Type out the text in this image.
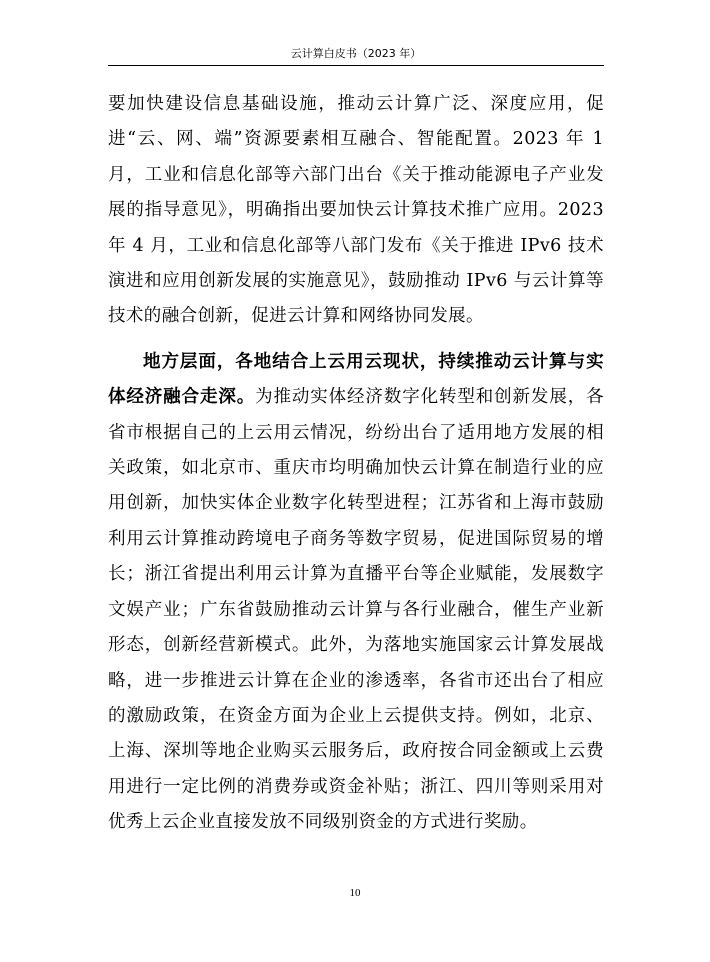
云计算白皮书（2023 年）

要加快建设信息基础设施，推动云计算广泛、深度应用，促进“云、网、端”资源要素相互融合、智能配置。2023 年 1 月，工业和信息化部等六部门出台《关于推动能源电子产业发展的指导意见》，明确指出要加快云计算技术推广应用。2023 年 4 月，工业和信息化部等八部门发布《关于推进 IPv6 技术演进和应用创新发展的实施意见》，鼓励推动 IPv6 与云计算等技术的融合创新，促进云计算和网络协同发展。

地方层面，各地结合上云用云现状，持续推动云计算与实体经济融合走深。为推动实体经济数字化转型和创新发展，各省市根据自己的上云用云情况，纷纷出台了适用地方发展的相关政策，如北京市、重庆市均明确加快云计算在制造行业的应用创新，加快实体企业数字化转型进程；江苏省和上海市鼓励利用云计算推动跨境电子商务等数字贸易，促进国际贸易的增长；浙江省提出利用云计算为直播平台等企业赋能，发展数字文娱产业；广东省鼓励推动云计算与各行业融合，催生产业新形态，创新经营新模式。此外，为落地实施国家云计算发展战略，进一步推进云计算在企业的渗透率，各省市还出台了相应的激励政策，在资金方面为企业上云提供支持。例如，北京、上海、深圳等地企业购买云服务后，政府按合同金额或上云费用进行一定比例的消费券或资金补贴；浙江、四川等则采用对优秀上云企业直接发放不同级别资金的方式进行奖励。

10
